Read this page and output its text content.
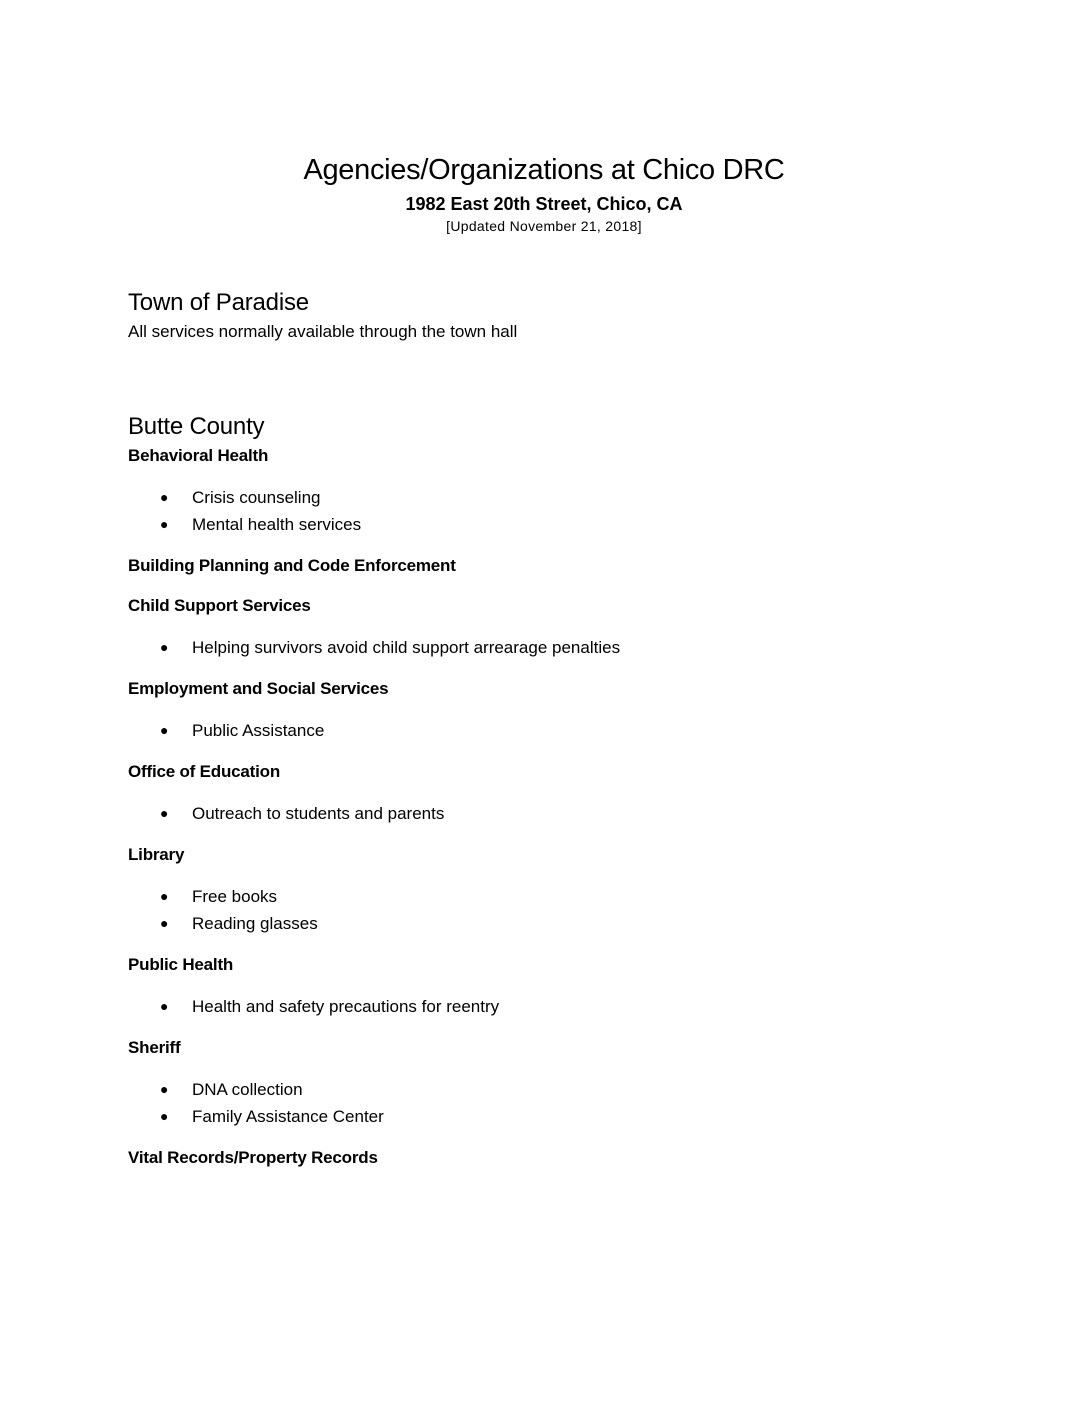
Agencies/Organizations at Chico DRC
1982 East 20th Street, Chico, CA
[Updated November 21, 2018]
Town of Paradise

All services normally available through the town hall

Butte County

Behavioral Health

● Crisis counseling
● Mental health services

Building Planning and Code Enforcement

Child Support Services

● Helping survivors avoid child support arrearage penalties

Employment and Social Services

● Public Assistance

Office of Education

● Outreach to students and parents

Library

● Free books
● Reading glasses

Public Health

● Health and safety precautions for reentry

Sheriff

● DNA collection
● Family Assistance Center

Vital Records/Property Records
